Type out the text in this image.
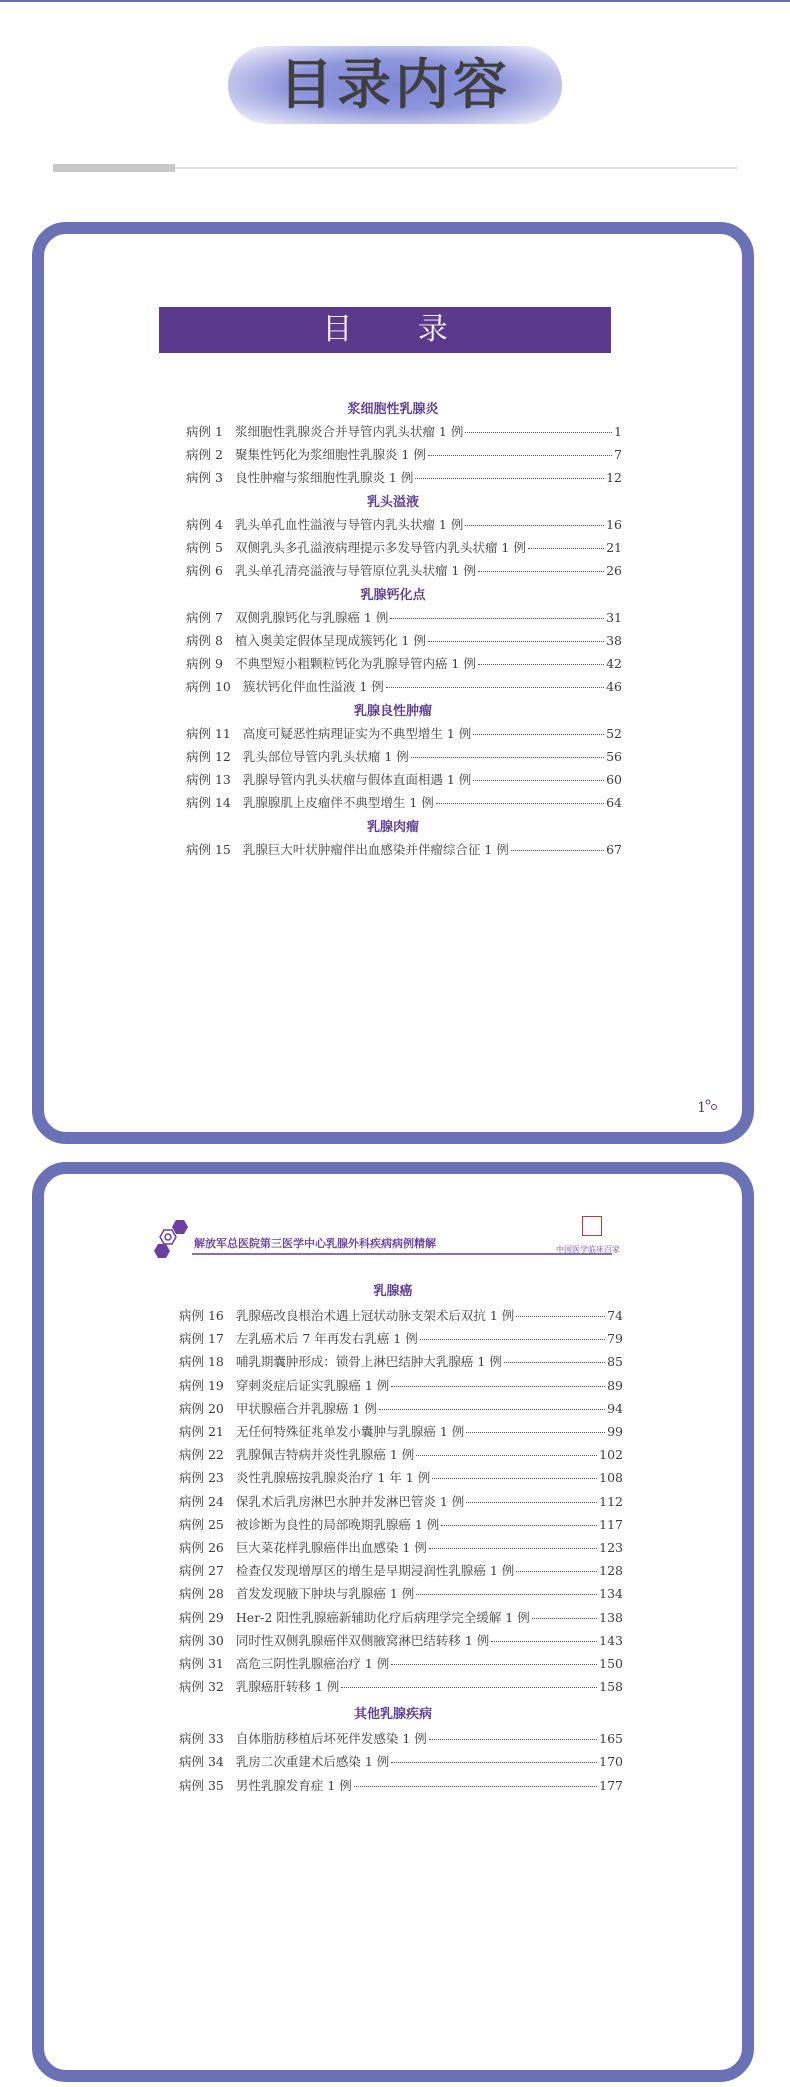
目录内容
目 录
1
浆细胞性乳腺炎
病例 1 浆细胞性乳腺炎合并导管内乳头状瘤 1 例	1
病例 2 聚集性钙化为浆细胞性乳腺炎 1 例	7
病例 3 良性肿瘤与浆细胞性乳腺炎 1 例	12
乳头溢液
病例 4 乳头单孔血性溢液与导管内乳头状瘤 1 例	16
病例 5 双侧乳头多孔溢液病理提示多发导管内乳头状瘤 1 例	21
病例 6 乳头单孔清亮溢液与导管原位乳头状瘤 1 例	26
乳腺钙化点
病例 7 双侧乳腺钙化与乳腺癌 1 例	31
病例 8 植入奥美定假体呈现成簇钙化 1 例	38
病例 9 不典型短小粗颗粒钙化为乳腺导管内癌 1 例	42
病例 10 簇状钙化伴血性溢液 1 例	46
乳腺良性肿瘤
病例 11 高度可疑恶性病理证实为不典型增生 1 例	52
病例 12 乳头部位导管内乳头状瘤 1 例	56
病例 13 乳腺导管内乳头状瘤与假体直面相遇 1 例	60
病例 14 乳腺腺肌上皮瘤伴不典型增生 1 例	64
乳腺肉瘤
病例 15 乳腺巨大叶状肿瘤伴出血感染并伴瘤综合征 1 例	67
解放军总医院第三医学中心乳腺外科疾病病例精解	中国医学临床百家
乳腺癌
病例 16 乳腺癌改良根治术遇上冠状动脉支架术后双抗 1 例	74
病例 17 左乳癌术后 7 年再发右乳癌 1 例	79
病例 18 哺乳期囊肿形成：锁骨上淋巴结肿大乳腺癌 1 例	85
病例 19 穿刺炎症后证实乳腺癌 1 例	89
病例 20 甲状腺癌合并乳腺癌 1 例	94
病例 21 无任何特殊征兆单发小囊肿与乳腺癌 1 例	99
病例 22 乳腺佩吉特病并炎性乳腺癌 1 例	102
病例 23 炎性乳腺癌按乳腺炎治疗 1 年 1 例	108
病例 24 保乳术后乳房淋巴水肿并发淋巴管炎 1 例	112
病例 25 被诊断为良性的局部晚期乳腺癌 1 例	117
病例 26 巨大菜花样乳腺癌伴出血感染 1 例	123
病例 27 检查仅发现增厚区的增生是早期浸润性乳腺癌 1 例	128
病例 28 首发发现腋下肿块与乳腺癌 1 例	134
病例 29 Her-2 阳性乳腺癌新辅助化疗后病理学完全缓解 1 例	138
病例 30 同时性双侧乳腺癌伴双侧腋窝淋巴结转移 1 例	143
病例 31 高危三阴性乳腺癌治疗 1 例	150
病例 32 乳腺癌肝转移 1 例	158
其他乳腺疾病
病例 33 自体脂肪移植后坏死伴发感染 1 例	165
病例 34 乳房二次重建术后感染 1 例	170
病例 35 男性乳腺发育症 1 例	177
